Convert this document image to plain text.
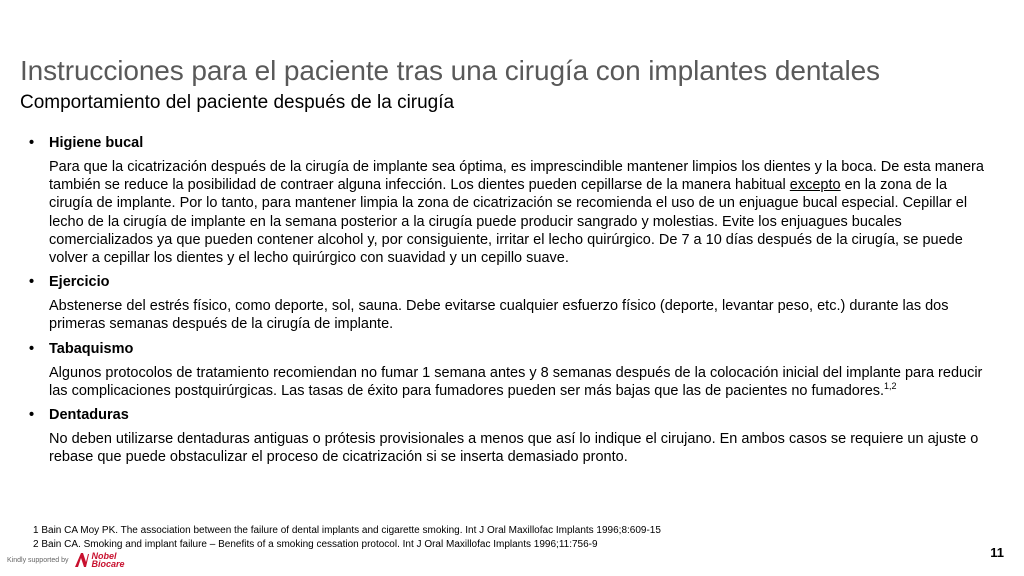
Instrucciones para el paciente tras una cirugía con implantes dentales
Comportamiento del paciente después de la cirugía
•	Higiene bucal
Para que la cicatrización después de la cirugía de implante sea óptima, es imprescindible mantener limpios los dientes y la boca. De esta manera también se reduce la posibilidad de contraer alguna infección. Los dientes pueden cepillarse de la manera habitual excepto en la zona de la cirugía de implante. Por lo tanto, para mantener limpia la zona de cicatrización se recomienda el uso de un enjuague bucal especial. Cepillar el lecho de la cirugía de implante en la semana posterior a la cirugía puede producir sangrado y molestias. Evite los enjuagues bucales comercializados ya que pueden contener alcohol y, por consiguiente, irritar el lecho quirúrgico. De 7 a 10 días después de la cirugía, se puede volver a cepillar los dientes y el lecho quirúrgico con suavidad y un cepillo suave.
•	Ejercicio
Abstenerse del estrés físico, como deporte, sol, sauna. Debe evitarse cualquier esfuerzo físico (deporte, levantar peso, etc.) durante las dos primeras semanas después de la cirugía de implante.
•	Tabaquismo
Algunos protocolos de tratamiento recomiendan no fumar 1 semana antes y 8 semanas después de la colocación inicial del implante para reducir las complicaciones postquirúrgicas. Las tasas de éxito para fumadores pueden ser más bajas que las de pacientes no fumadores.$^{1,2}$
•	Dentaduras
No deben utilizarse dentaduras antiguas o prótesis provisionales a menos que así lo indique el cirujano. En ambos casos se requiere un ajuste o rebase que puede obstaculizar el proceso de cicatrización si se inserta demasiado pronto.
1 Bain CA Moy PK. The association between the failure of dental implants and cigarette smoking. Int J Oral Maxillofac Implants 1996;8:609-15
2 Bain CA. Smoking and implant failure – Benefits of a smoking cessation protocol. Int J Oral Maxillofac Implants 1996;11:756-9
Kindly supported by	Nobel
Biocare
11
